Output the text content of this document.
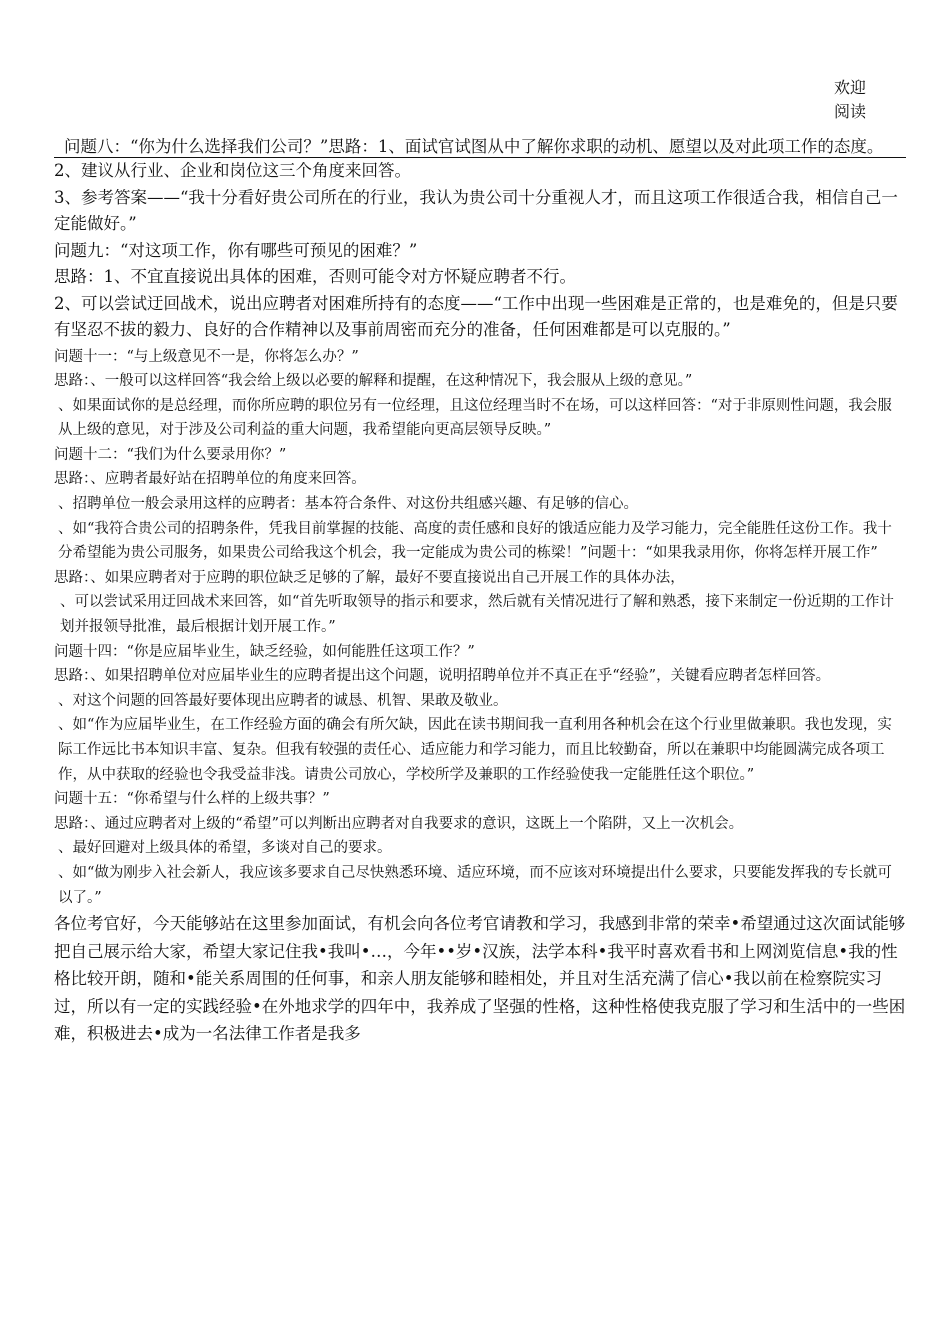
欢迎
阅读

问题八：“你为什么选择我们公司？”思路：1、面试官试图从中了解你求职的动机、愿望以及对此项工作的态度。

2、建议从行业、企业和岗位这三个角度来回答。

3、参考答案——“我十分看好贵公司所在的行业，我认为贵公司十分重视人才，而且这项工作很适合我，相信自己一定能做好。”

问题九：“对这项工作，你有哪些可预见的困难？”

思路：1、不宜直接说出具体的困难，否则可能令对方怀疑应聘者不行。

2、可以尝试迂回战术，说出应聘者对困难所持有的态度——“工作中出现一些困难是正常的，也是难免的，但是只要有坚忍不拔的毅力、良好的合作精神以及事前周密而充分的准备，任何困难都是可以克服的。”

问题十一：“与上级意见不一是，你将怎么办？”

思路：、一般可以这样回答“我会给上级以必要的解释和提醒，在这种情况下，我会服从上级的意见。”

、如果面试你的是总经理，而你所应聘的职位另有一位经理，且这位经理当时不在场，可以这样回答：“对于非原则性问题，我会服从上级的意见，对于涉及公司利益的重大问题，我希望能向更高层领导反映。”

问题十二：“我们为什么要录用你？”

思路：、应聘者最好站在招聘单位的角度来回答。

、招聘单位一般会录用这样的应聘者：基本符合条件、对这份共组感兴趣、有足够的信心。

、如“我符合贵公司的招聘条件，凭我目前掌握的技能、高度的责任感和良好的饿适应能力及学习能力，完全能胜任这份工作。我十分希望能为贵公司服务，如果贵公司给我这个机会，我一定能成为贵公司的栋梁！”问题十：“如果我录用你，你将怎样开展工作”

思路：、如果应聘者对于应聘的职位缺乏足够的了解，最好不要直接说出自己开展工作的具体办法，

、可以尝试采用迂回战术来回答，如“首先听取领导的指示和要求，然后就有关情况进行了解和熟悉，接下来制定一份近期的工作计划并报领导批准，最后根据计划开展工作。”

问题十四：“你是应届毕业生，缺乏经验，如何能胜任这项工作？”

思路：、如果招聘单位对应届毕业生的应聘者提出这个问题，说明招聘单位并不真正在乎“经验”，关键看应聘者怎样回答。

、对这个问题的回答最好要体现出应聘者的诚恳、机智、果敢及敬业。

、如“作为应届毕业生，在工作经验方面的确会有所欠缺，因此在读书期间我一直利用各种机会在这个行业里做兼职。我也发现，实际工作远比书本知识丰富、复杂。但我有较强的责任心、适应能力和学习能力，而且比较勤奋，所以在兼职中均能圆满完成各项工作，从中获取的经验也令我受益非浅。请贵公司放心，学校所学及兼职的工作经验使我一定能胜任这个职位。”

问题十五：“你希望与什么样的上级共事？”

思路：、通过应聘者对上级的“希望”可以判断出应聘者对自我要求的意识，这既上一个陷阱，又上一次机会。

、最好回避对上级具体的希望，多谈对自己的要求。

、如“做为刚步入社会新人，我应该多要求自己尽快熟悉环境、适应环境，而不应该对环境提出什么要求，只要能发挥我的专长就可以了。”

各位考官好，今天能够站在这里参加面试，有机会向各位考官请教和学习，我感到非常的荣幸•希望通过这次面试能够把自己展示给大家，希望大家记住我•我叫•…，今年••岁•汉族，法学本科•我平时喜欢看书和上网浏览信息•我的性格比较开朗，随和•能关系周围的任何事，和亲人朋友能够和睦相处，并且对生活充满了信心•我以前在检察院实习过，所以有一定的实践经验•在外地求学的四年中，我养成了坚强的性格，这种性格使我克服了学习和生活中的一些困难，积极进去•成为一名法律工作者是我多
